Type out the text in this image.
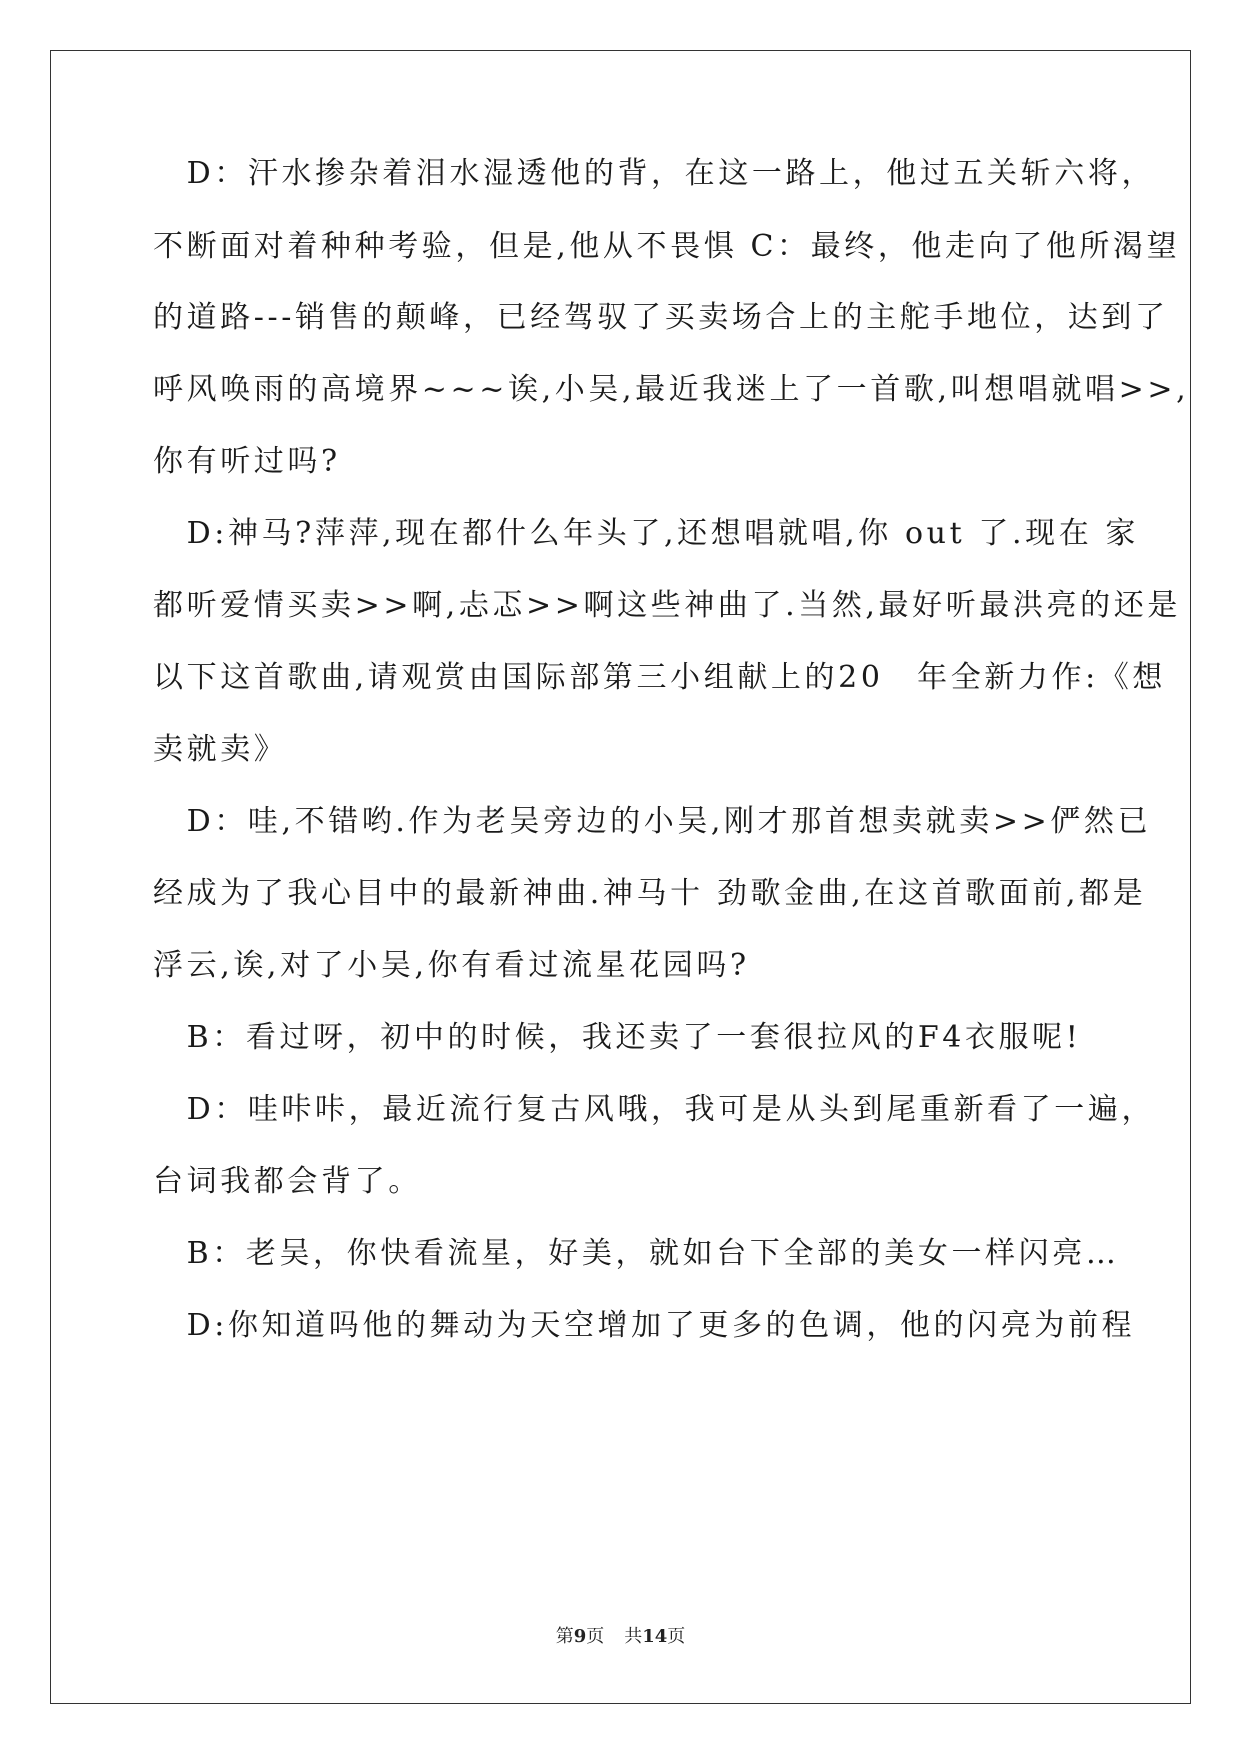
　D：汗水掺杂着泪水湿透他的背，在这一路上，他过五关斩六将，
不断面对着种种考验，但是,他从不畏惧 C：最终，他走向了他所渴望
的道路---销售的颠峰，已经驾驭了买卖场合上的主舵手地位，达到了
呼风唤雨的高境界~~~诶,小吴,最近我迷上了一首歌,叫想唱就唱>>,
你有听过吗?
　D:神马?萍萍,现在都什么年头了,还想唱就唱,你 out 了.现在 家
都听爱情买卖>>啊,忐忑>>啊这些神曲了.当然,最好听最洪亮的还是
以下这首歌曲,请观赏由国际部第三小组献上的20　年全新力作:《想
卖就卖》
　D：哇,不错哟.作为老吴旁边的小吴,刚才那首想卖就卖>>俨然已
经成为了我心目中的最新神曲.神马十 劲歌金曲,在这首歌面前,都是
浮云,诶,对了小吴,你有看过流星花园吗?
　B：看过呀，初中的时候，我还卖了一套很拉风的F4衣服呢!
　D：哇咔咔，最近流行复古风哦，我可是从头到尾重新看了一遍，
台词我都会背了。
　B：老吴，你快看流星，好美，就如台下全部的美女一样闪亮…
　D:你知道吗他的舞动为天空增加了更多的色调，他的闪亮为前程
第9页 共14页
